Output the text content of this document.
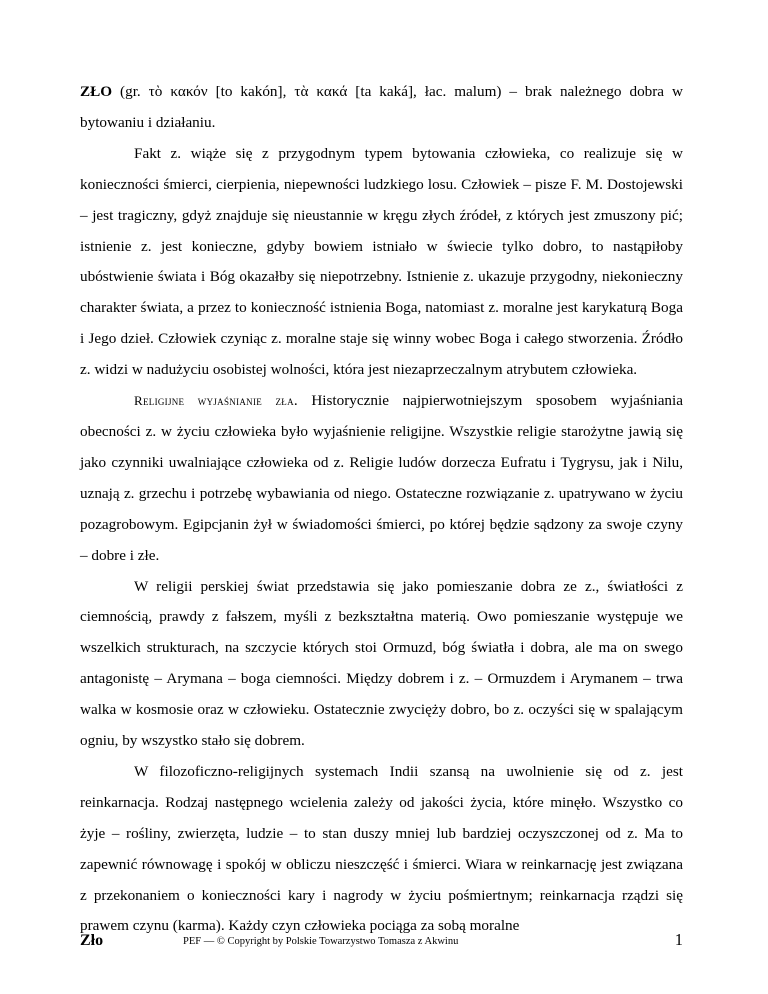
ZŁO (gr. τὸ κακόν [to kakón], τὰ κακά [ta kaká], łac. malum) – brak należnego dobra w bytowaniu i działaniu.

Fakt z. wiąże się z przygodnym typem bytowania człowieka, co realizuje się w konieczności śmierci, cierpienia, niepewności ludzkiego losu. Człowiek – pisze F. M. Dostojewski – jest tragiczny, gdyż znajduje się nieustannie w kręgu złych źródeł, z których jest zmuszony pić; istnienie z. jest konieczne, gdyby bowiem istniało w świecie tylko dobro, to nastąpiłoby ubóstwienie świata i Bóg okazałby się niepotrzebny. Istnienie z. ukazuje przygodny, niekonieczny charakter świata, a przez to konieczność istnienia Boga, natomiast z. moralne jest karykaturą Boga i Jego dzieł. Człowiek czyniąc z. moralne staje się winny wobec Boga i całego stworzenia. Źródło z. widzi w nadużyciu osobistej wolności, która jest niezaprzeczalnym atrybutem człowieka.

Religijne wyjaśnianie zła. Historycznie najpierwotniejszym sposobem wyjaśniania obecności z. w życiu człowieka było wyjaśnienie religijne. Wszystkie religie starożytne jawią się jako czynniki uwalniające człowieka od z. Religie ludów dorzecza Eufratu i Tygrysu, jak i Nilu, uznają z. grzechu i potrzebę wybawiania od niego. Ostateczne rozwiązanie z. upatrywano w życiu pozagrobowym. Egipcjanin żył w świadomości śmierci, po której będzie sądzony za swoje czyny – dobre i złe.

W religii perskiej świat przedstawia się jako pomieszanie dobra ze z., światłości z ciemnością, prawdy z fałszem, myśli z bezkształtna materią. Owo pomieszanie występuje we wszelkich strukturach, na szczycie których stoi Ormuzd, bóg światła i dobra, ale ma on swego antagonistę – Arymana – boga ciemności. Między dobrem i z. – Ormuzdem i Arymanem – trwa walka w kosmosie oraz w człowieku. Ostatecznie zwycięży dobro, bo z. oczyści się w spalającym ogniu, by wszystko stało się dobrem.

W filozoficzno-religijnych systemach Indii szansą na uwolnienie się od z. jest reinkarnacja. Rodzaj następnego wcielenia zależy od jakości życia, które minęło. Wszystko co żyje – rośliny, zwierzęta, ludzie – to stan duszy mniej lub bardziej oczyszczonej od z. Ma to zapewnić równowagę i spokój w obliczu nieszczęść i śmierci. Wiara w reinkarnację jest związana z przekonaniem o konieczności kary i nagrody w życiu pośmiertnym; reinkarnacja rządzi się prawem czynu (karma). Każdy czyn człowieka pociąga za sobą moralne

Zło	PEF — © Copyright by Polskie Towarzystwo Tomasza z Akwinu	1
